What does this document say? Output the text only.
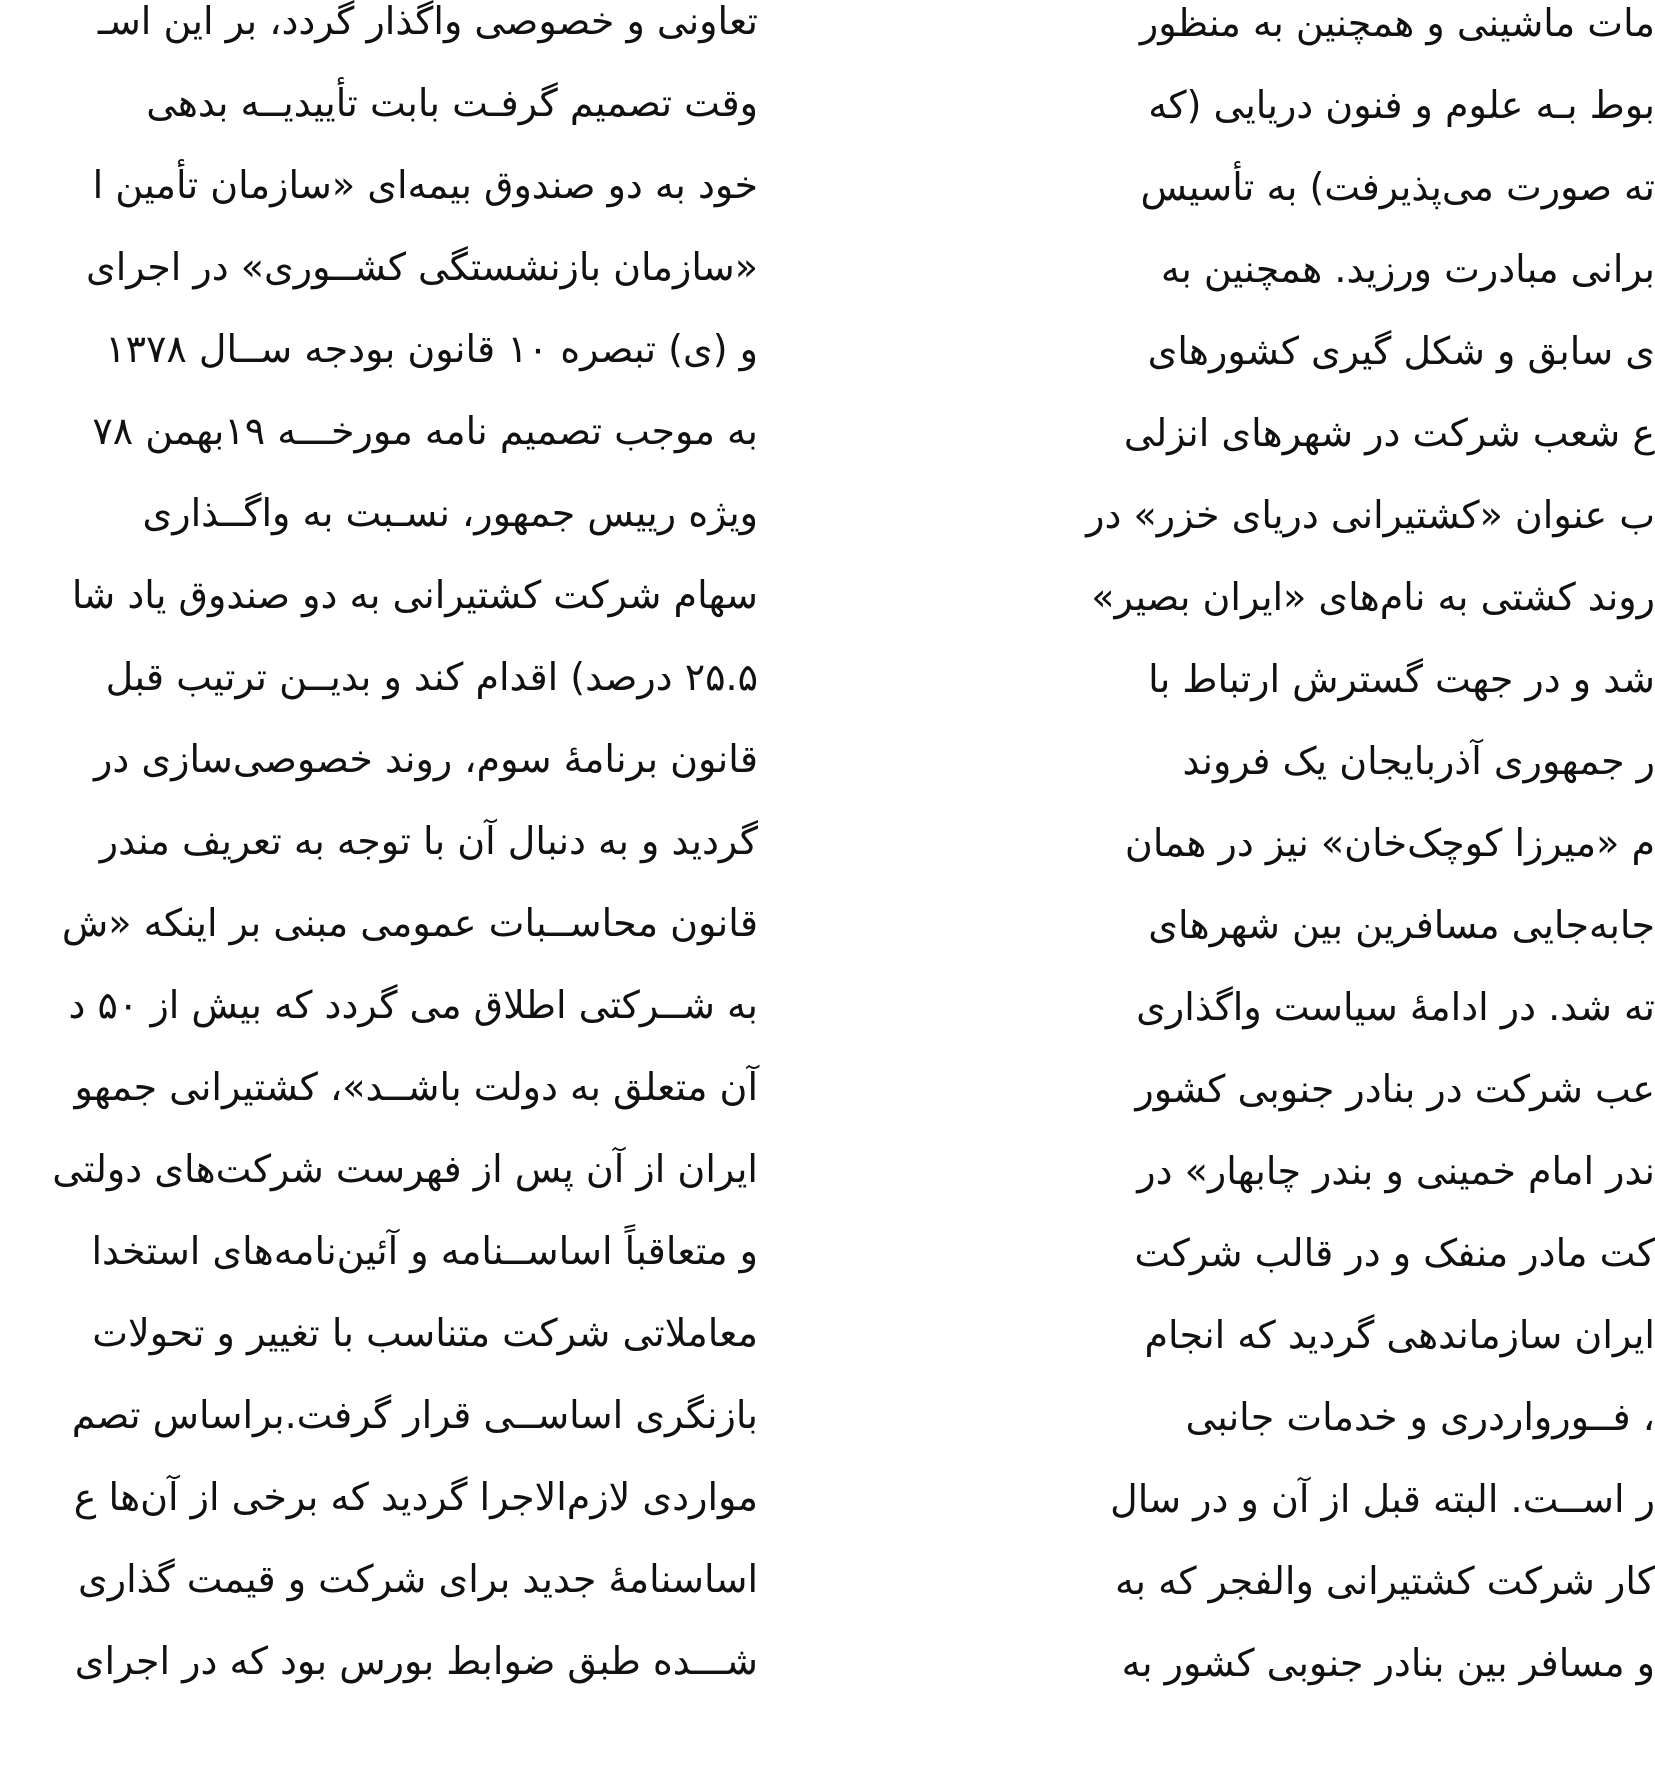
تعاونی و خصوصی واگذار گردد، بر این اسـ
وقت تصمیم گرفـت بابت تأییدیــه بدهی
خود به دو صندوق بیمه‌ای «سازمان تأمین ا
«سازمان بازنشستگی کشــوری» در اجرای
و (ی) تبصره ۱۰ قانون بودجه ســال ۱۳۷۸
به موجب تصمیم نامه مورخـــه ۱۹بهمن ۷۸
ویژه رییس جمهور، نسـبت به واگــذاری
سهام شرکت کشتیرانی به دو صندوق یاد شا
۲۵.۵ درصد) اقدام کند و بدیــن ترتیب قبل
قانون برنامهٔ سوم، روند خصوصی‌سازی در
گردید و به دنبال آن با توجه به تعریف مندر
قانون محاســبات عمومی مبنی بر اینکه «ش
به شــرکتی اطلاق می گردد که بیش از ۵۰ د
آن متعلق به دولت باشــد»، کشتیرانی جمهو
ایران از آن پس از فهرست شرکت‌های دولتی
و متعاقباً اساســنامه و آئین‌نامه‌های استخدا
معاملاتی شرکت متناسب با تغییر و تحولات
بازنگری اساســی قرار گرفت.براساس تصم
مواردی لازم‌الاجرا گردید که برخی از آن‌ها ع
اساسنامهٔ جدید برای شرکت و قیمت گذاری
شـــده طبق ضوابط بورس بود که در اجرای
مات ماشینی و همچنین به منظور
بوط بـه علوم و فنون دریایی (که
ته صورت می‌پذیرفت) به تأسیس
برانی مبادرت ورزید. همچنین به
ی سابق و شکل گیری کشورهای
ع شعب شرکت در شهرهای انزلی
ب عنوان «کشتیرانی دریای خزر» در
روند کشتی به نام‌های «ایران بصیر»
شد و در جهت گسترش ارتباط با
ر جمهوری آذربایجان یک فروند
م «میرزا کوچک‌خان» نیز در همان
جابه‌جایی مسافرین بین شهرهای
ته شد. در ادامهٔ سیاست واگذاری
عب شرکت در بنادر جنوبی کشور
ندر امام خمینی و بندر چابهار» در
کت مادر منفک و در قالب شرکت
ایران سازماندهی گردید که انجام
، فــورواردری و خدمات جانبی
ر اســت. البته قبل از آن و در سال
کار شرکت کشتیرانی والفجر که به
و مسافر بین بنادر جنوبی کشور به
